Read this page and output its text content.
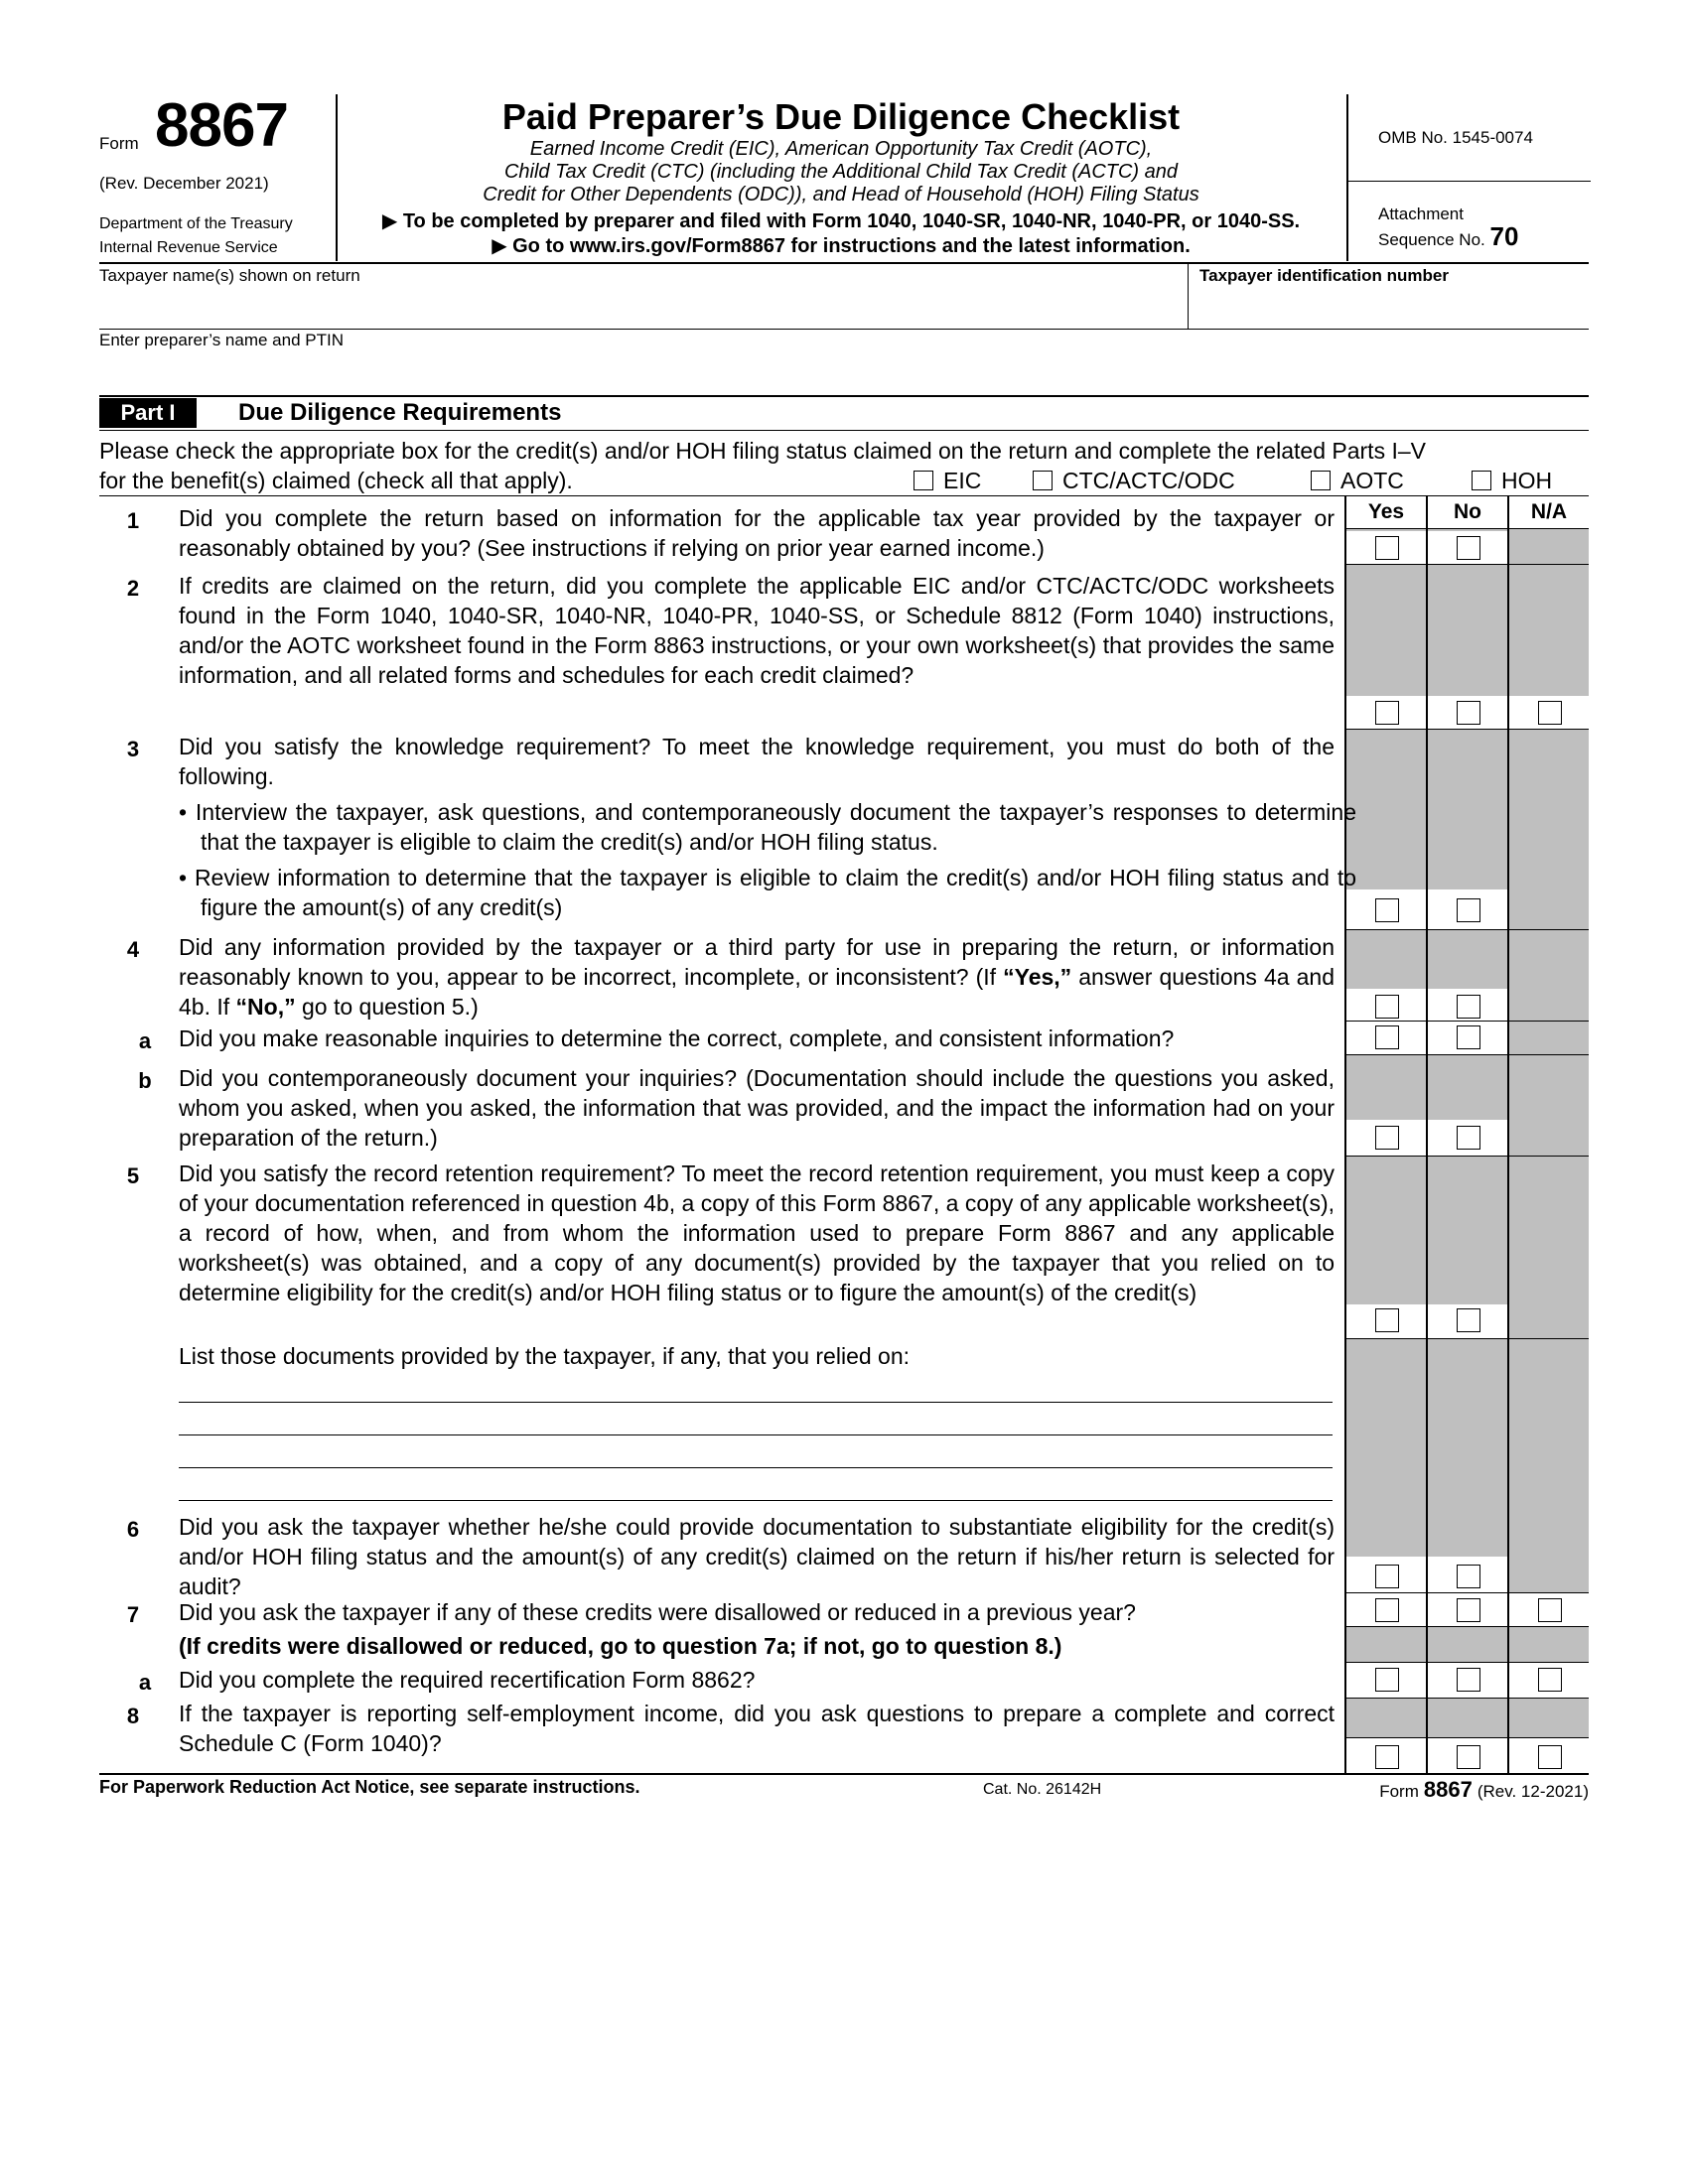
Form 8867
(Rev. December 2021)
Department of the Treasury
Internal Revenue Service
Paid Preparer’s Due Diligence Checklist
Earned Income Credit (EIC), American Opportunity Tax Credit (AOTC),
Child Tax Credit (CTC) (including the Additional Child Tax Credit (ACTC) and
Credit for Other Dependents (ODC)), and Head of Household (HOH) Filing Status
▶ To be completed by preparer and filed with Form 1040, 1040-SR, 1040-NR, 1040-PR, or 1040-SS.
▶ Go to www.irs.gov/Form8867 for instructions and the latest information.
OMB No. 1545-0074
Attachment
Sequence No. 70
Taxpayer name(s) shown on return	Taxpayer identification number
Enter preparer’s name and PTIN
Part I	Due Diligence Requirements
Please check the appropriate box for the credit(s) and/or HOH filing status claimed on the return and complete the related Parts I–V
for the benefit(s) claimed (check all that apply).	EIC	CTC/ACTC/ODC	AOTC	HOH
Yes	No	N/A
1	Did you complete the return based on information for the applicable tax year provided by the taxpayer or reasonably obtained by you? (See instructions if relying on prior year earned income.)
2	If credits are claimed on the return, did you complete the applicable EIC and/or CTC/ACTC/ODC worksheets found in the Form 1040, 1040-SR, 1040-NR, 1040-PR, 1040-SS, or Schedule 8812 (Form 1040) instructions, and/or the AOTC worksheet found in the Form 8863 instructions, or your own worksheet(s) that provides the same information, and all related forms and schedules for each credit claimed?
3	Did you satisfy the knowledge requirement? To meet the knowledge requirement, you must do both of the following.
• Interview the taxpayer, ask questions, and contemporaneously document the taxpayer’s responses to determine that the taxpayer is eligible to claim the credit(s) and/or HOH filing status.
• Review information to determine that the taxpayer is eligible to claim the credit(s) and/or HOH filing status and to figure the amount(s) of any credit(s)
4	Did any information provided by the taxpayer or a third party for use in preparing the return, or information reasonably known to you, appear to be incorrect, incomplete, or inconsistent? (If “Yes,” answer questions 4a and 4b. If “No,” go to question 5.)
a	Did you make reasonable inquiries to determine the correct, complete, and consistent information?
b	Did you contemporaneously document your inquiries? (Documentation should include the questions you asked, whom you asked, when you asked, the information that was provided, and the impact the information had on your preparation of the return.)
5	Did you satisfy the record retention requirement? To meet the record retention requirement, you must keep a copy of your documentation referenced in question 4b, a copy of this Form 8867, a copy of any applicable worksheet(s), a record of how, when, and from whom the information used to prepare Form 8867 and any applicable worksheet(s) was obtained, and a copy of any document(s) provided by the taxpayer that you relied on to determine eligibility for the credit(s) and/or HOH filing status or to figure the amount(s) of the credit(s)
List those documents provided by the taxpayer, if any, that you relied on:
6	Did you ask the taxpayer whether he/she could provide documentation to substantiate eligibility for the credit(s) and/or HOH filing status and the amount(s) of any credit(s) claimed on the return if his/her return is selected for audit?
7	Did you ask the taxpayer if any of these credits were disallowed or reduced in a previous year?
(If credits were disallowed or reduced, go to question 7a; if not, go to question 8.)
a	Did you complete the required recertification Form 8862?
8	If the taxpayer is reporting self-employment income, did you ask questions to prepare a complete and correct Schedule C (Form 1040)?
For Paperwork Reduction Act Notice, see separate instructions.	Cat. No. 26142H	Form 8867 (Rev. 12-2021)
